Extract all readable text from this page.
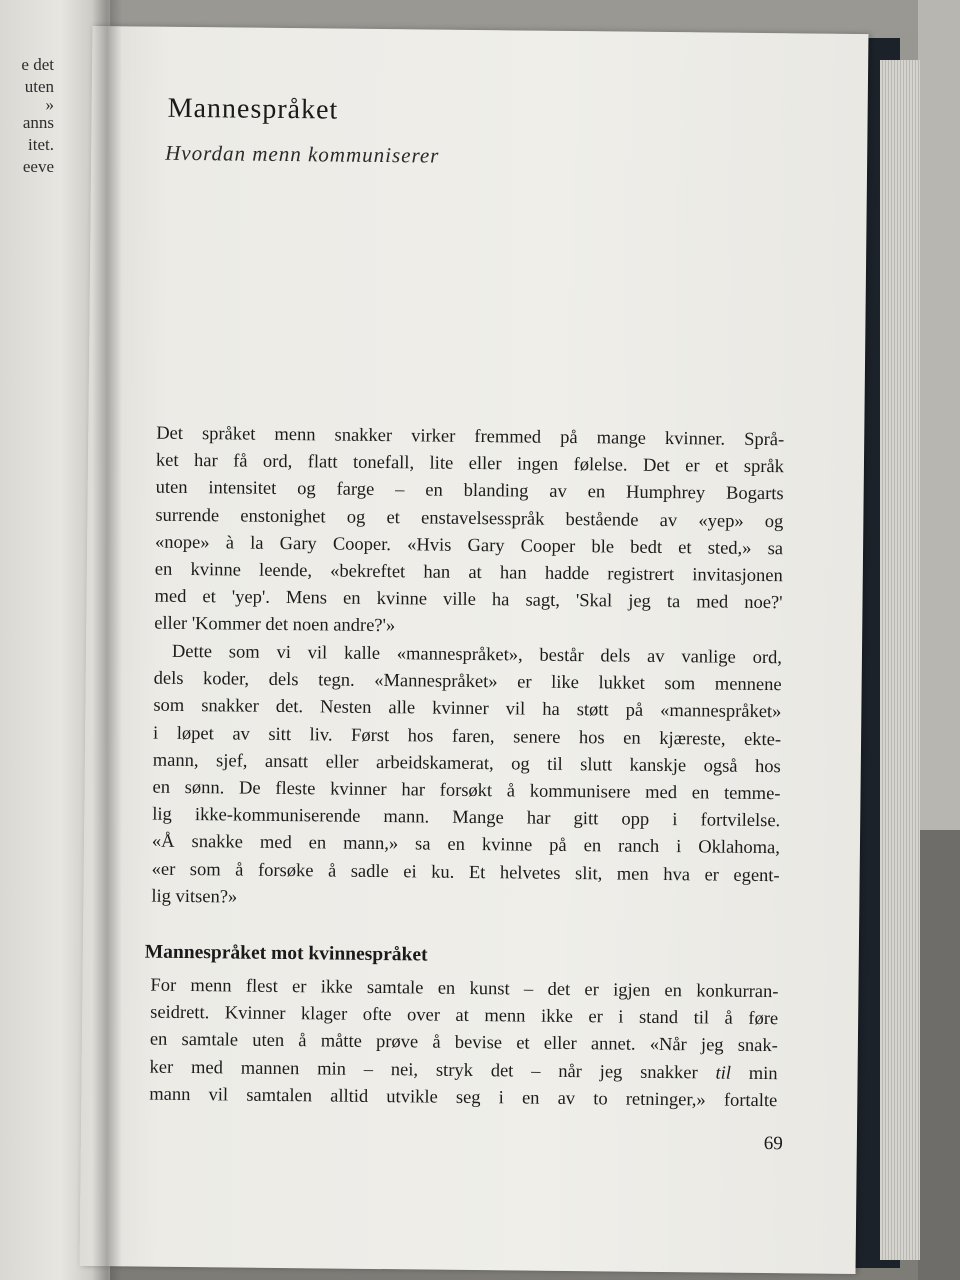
e det
uten
»
anns
itet.
eeve
Mannespråket
Hvordan menn kommuniserer
Det språket menn snakker virker fremmed på mange kvinner. Språ-
ket har få ord, flatt tonefall, lite eller ingen følelse. Det er et språk
uten intensitet og farge – en blanding av en Humphrey Bogarts
surrende enstonighet og et enstavelsesspråk bestående av «yep» og
«nope» à la Gary Cooper. «Hvis Gary Cooper ble bedt et sted,» sa
en kvinne leende, «bekreftet han at han hadde registrert invitasjonen
med et 'yep'. Mens en kvinne ville ha sagt, 'Skal jeg ta med noe?'
eller 'Kommer det noen andre?'»
Dette som vi vil kalle «mannespråket», består dels av vanlige ord,
dels koder, dels tegn. «Mannespråket» er like lukket som mennene
som snakker det. Nesten alle kvinner vil ha støtt på «mannespråket»
i løpet av sitt liv. Først hos faren, senere hos en kjæreste, ekte-
mann, sjef, ansatt eller arbeidskamerat, og til slutt kanskje også hos
en sønn. De fleste kvinner har forsøkt å kommunisere med en temme-
lig ikke-kommuniserende mann. Mange har gitt opp i fortvilelse.
«Å snakke med en mann,» sa en kvinne på en ranch i Oklahoma,
«er som å forsøke å sadle ei ku. Et helvetes slit, men hva er egent-
lig vitsen?»
Mannespråket mot kvinnespråket
For menn flest er ikke samtale en kunst – det er igjen en konkurran-
seidrett. Kvinner klager ofte over at menn ikke er i stand til å føre
en samtale uten å måtte prøve å bevise et eller annet. «Når jeg snak-
ker med mannen min – nei, stryk det – når jeg snakker til min
mann vil samtalen alltid utvikle seg i en av to retninger,» fortalte
69
